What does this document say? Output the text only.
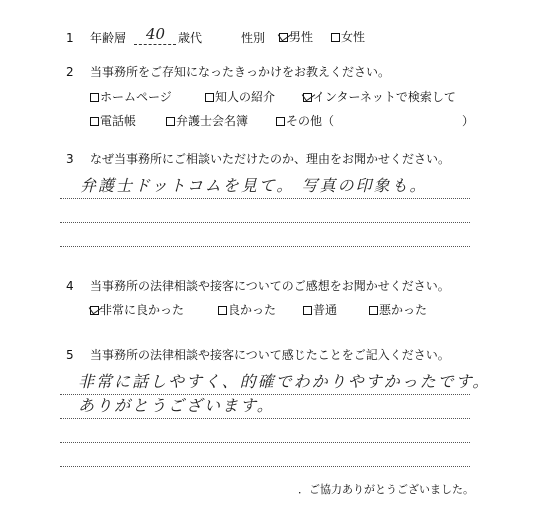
1 年齢層 40 歳代	性別 男性 女性
2 当事務所をご存知になったきっかけをお教えください。
ホームページ	知人の紹介	インターネットで検索して
電話帳	弁護士会名簿	その他（	）
3 なぜ当事務所にご相談いただけたのか、理由をお聞かせください。
弁護士ドットコムを見て。 写真の印象も。
4 当事務所の法律相談や接客についてのご感想をお聞かせください。
非常に良かった	良かった	普通	悪かった
5 当事務所の法律相談や接客について感じたことをご記入ください。
非常に話しやすく、的確でわかりやすかったです。
ありがとうございます。
．ご協力ありがとうございました。
